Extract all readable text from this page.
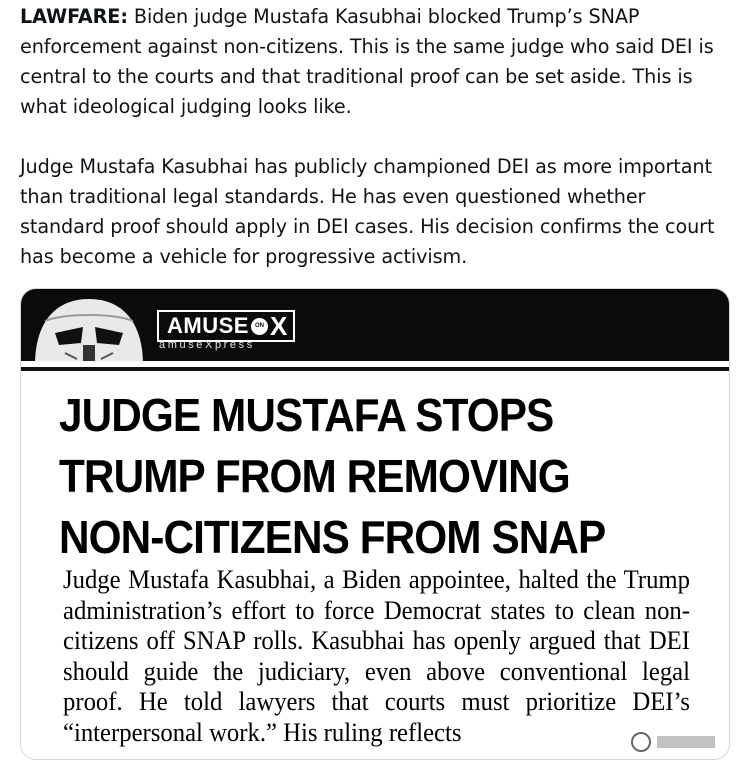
LAWFARE: Biden judge Mustafa Kasubhai blocked Trump’s SNAP enforcement against non-citizens. This is the same judge who said DEI is central to the courts and that traditional proof can be set aside. This is what ideological judging looks like.

Judge Mustafa Kasubhai has publicly championed DEI as more important than traditional legal standards. He has even questioned whether standard proof should apply in DEI cases. His decision confirms the court has become a vehicle for progressive activism.

AMUSE	ON X
amuseXpress
JUDGE MUSTAFA STOPS
TRUMP FROM REMOVING
NON-CITIZENS FROM SNAP
Judge Mustafa Kasubhai, a Biden appointee, halted the Trump administration’s effort to force Democrat states to clean non-citizens off SNAP rolls. Kasubhai has openly argued that DEI should guide the judiciary, even above conventional legal proof. He told lawyers that courts must prioritize DEI’s “interpersonal work.” His ruling reflects
